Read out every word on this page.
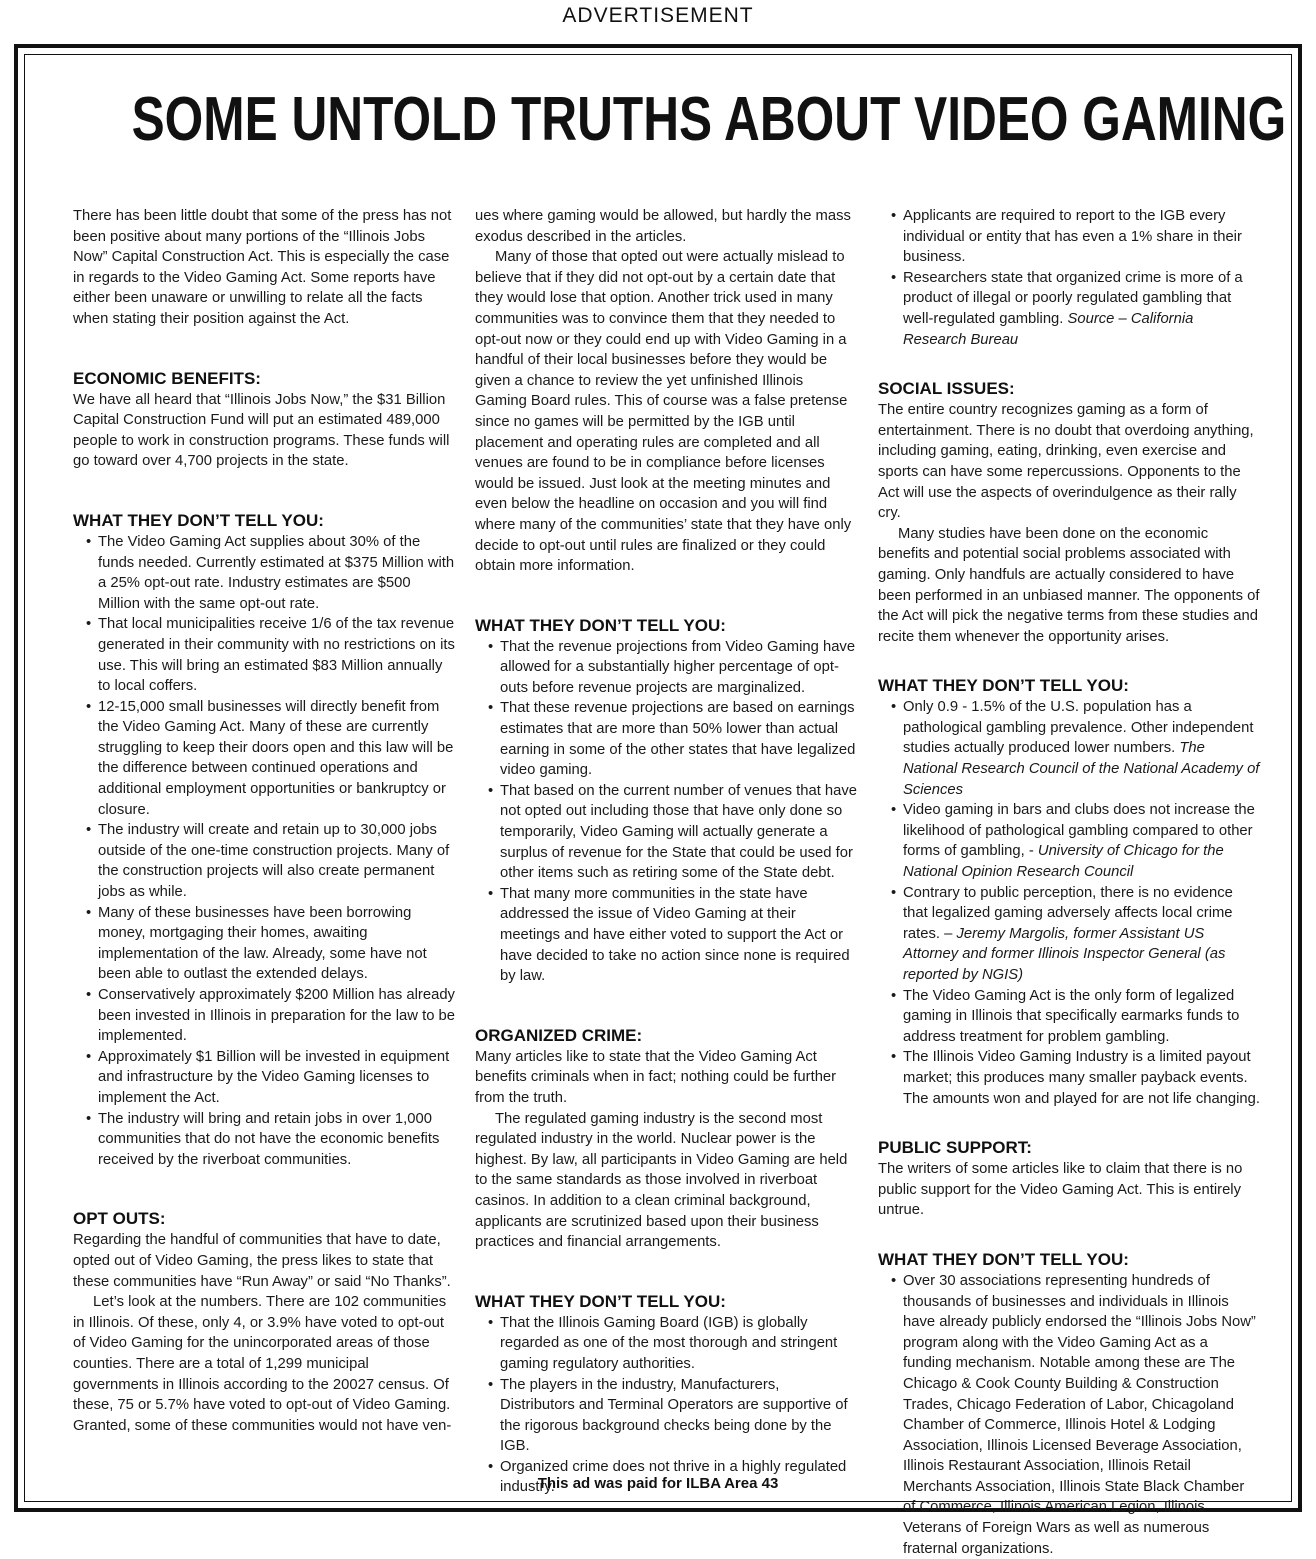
ADVERTISEMENT
SOME UNTOLD TRUTHS ABOUT VIDEO GAMING

There has been little doubt that some of the press has not been positive about many portions of the “Illinois Jobs Now” Capital Construction Act. This is especially the case in regards to the Video Gaming Act. Some reports have either been unaware or unwilling to relate all the facts when stating their position against the Act.

ECONOMIC BENEFITS:

We have all heard that “Illinois Jobs Now,” the $31 Billion Capital Construction Fund will put an estimated 489,000 people to work in construction programs. These funds will go toward over 4,700 projects in the state.

WHAT THEY DON’T TELL YOU:
• The Video Gaming Act supplies about 30% of the funds needed. Currently estimated at $375 Million with a 25% opt-out rate. Industry estimates are $500 Million with the same opt-out rate.
• That local municipalities receive 1/6 of the tax revenue generated in their community with no restrictions on its use. This will bring an estimated $83 Million annually to local coffers.
• 12-15,000 small businesses will directly benefit from the Video Gaming Act. Many of these are currently struggling to keep their doors open and this law will be the difference between continued operations and additional employment opportunities or bankruptcy or closure.
• The industry will create and retain up to 30,000 jobs outside of the one-time construction projects. Many of the construction projects will also create permanent jobs as while.
• Many of these businesses have been borrowing money, mortgaging their homes, awaiting implementation of the law. Already, some have not been able to outlast the extended delays.
• Conservatively approximately $200 Million has already been invested in Illinois in preparation for the law to be implemented.
• Approximately $1 Billion will be invested in equipment and infrastructure by the Video Gaming licenses to implement the Act.
• The industry will bring and retain jobs in over 1,000 communities that do not have the economic benefits received by the riverboat communities.
OPT OUTS:

Regarding the handful of communities that have to date, opted out of Video Gaming, the press likes to state that these communities have “Run Away” or said “No Thanks”.

Let’s look at the numbers. There are 102 communities in Illinois. Of these, only 4, or 3.9% have voted to opt-out of Video Gaming for the unincorporated areas of those counties. There are a total of 1,299 municipal governments in Illinois according to the 20027 census. Of these, 75 or 5.7% have voted to opt-out of Video Gaming. Granted, some of these communities would not have ven-

ues where gaming would be allowed, but hardly the mass exodus described in the articles.

Many of those that opted out were actually mislead to believe that if they did not opt-out by a certain date that they would lose that option. Another trick used in many communities was to convince them that they needed to opt-out now or they could end up with Video Gaming in a handful of their local businesses before they would be given a chance to review the yet unfinished Illinois Gaming Board rules. This of course was a false pretense since no games will be permitted by the IGB until placement and operating rules are completed and all venues are found to be in compliance before licenses would be issued. Just look at the meeting minutes and even below the headline on occasion and you will find where many of the communities’ state that they have only decide to opt-out until rules are finalized or they could obtain more information.

WHAT THEY DON’T TELL YOU:
• That the revenue projections from Video Gaming have allowed for a substantially higher percentage of opt-outs before revenue projects are marginalized.
• That these revenue projections are based on earnings estimates that are more than 50% lower than actual earning in some of the other states that have legalized video gaming.
• That based on the current number of venues that have not opted out including those that have only done so temporarily, Video Gaming will actually generate a surplus of revenue for the State that could be used for other items such as retiring some of the State debt.
• That many more communities in the state have addressed the issue of Video Gaming at their meetings and have either voted to support the Act or have decided to take no action since none is required by law.
ORGANIZED CRIME:

Many articles like to state that the Video Gaming Act benefits criminals when in fact; nothing could be further from the truth.

The regulated gaming industry is the second most regulated industry in the world. Nuclear power is the highest. By law, all participants in Video Gaming are held to the same standards as those involved in riverboat casinos. In addition to a clean criminal background, applicants are scrutinized based upon their business practices and financial arrangements.

WHAT THEY DON’T TELL YOU:
• That the Illinois Gaming Board (IGB) is globally regarded as one of the most thorough and stringent gaming regulatory authorities.
• The players in the industry, Manufacturers, Distributors and Terminal Operators are supportive of the rigorous background checks being done by the IGB.
• Organized crime does not thrive in a highly regulated industry.
• Applicants are required to report to the IGB every individual or entity that has even a 1% share in their business.
• Researchers state that organized crime is more of a product of illegal or poorly regulated gambling that well-regulated gambling. Source – California Research Bureau
SOCIAL ISSUES:

The entire country recognizes gaming as a form of entertainment. There is no doubt that overdoing anything, including gaming, eating, drinking, even exercise and sports can have some repercussions. Opponents to the Act will use the aspects of overindulgence as their rally cry.

Many studies have been done on the economic benefits and potential social problems associated with gaming. Only handfuls are actually considered to have been performed in an unbiased manner. The opponents of the Act will pick the negative terms from these studies and recite them whenever the opportunity arises.

WHAT THEY DON’T TELL YOU:
• Only 0.9 - 1.5% of the U.S. population has a pathological gambling prevalence. Other independent studies actually produced lower numbers. The National Research Council of the National Academy of Sciences
• Video gaming in bars and clubs does not increase the likelihood of pathological gambling compared to other forms of gambling, - University of Chicago for the National Opinion Research Council
• Contrary to public perception, there is no evidence that legalized gaming adversely affects local crime rates. – Jeremy Margolis, former Assistant US Attorney and former Illinois Inspector General (as reported by NGIS)
• The Video Gaming Act is the only form of legalized gaming in Illinois that specifically earmarks funds to address treatment for problem gambling.
• The Illinois Video Gaming Industry is a limited payout market; this produces many smaller payback events. The amounts won and played for are not life changing.
PUBLIC SUPPORT:

The writers of some articles like to claim that there is no public support for the Video Gaming Act. This is entirely untrue.

WHAT THEY DON’T TELL YOU:
• Over 30 associations representing hundreds of thousands of businesses and individuals in Illinois have already publicly endorsed the “Illinois Jobs Now” program along with the Video Gaming Act as a funding mechanism. Notable among these are The Chicago & Cook County Building & Construction Trades, Chicago Federation of Labor, Chicagoland Chamber of Commerce, Illinois Hotel & Lodging Association, Illinois Licensed Beverage Association, Illinois Restaurant Association, Illinois Retail Merchants Association, Illinois State Black Chamber of Commerce, Illinois American Legion, Illinois Veterans of Foreign Wars as well as numerous fraternal organizations.
This ad was paid for ILBA Area 43
